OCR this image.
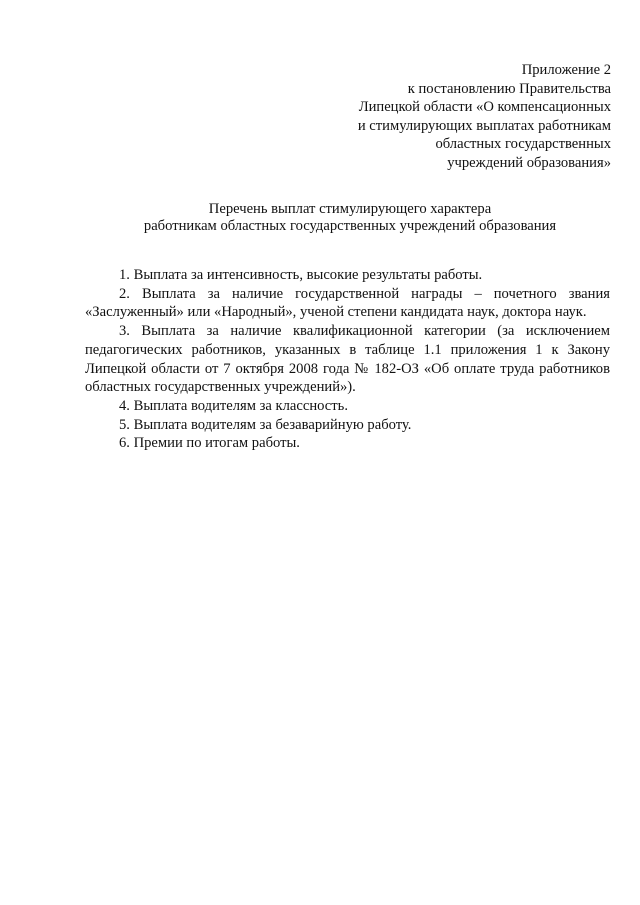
Приложение 2
к постановлению Правительства
Липецкой области «О компенсационных
и стимулирующих выплатах работникам
областных государственных
учреждений образования»
Перечень выплат стимулирующего характера
работникам областных государственных учреждений образования

1. Выплата за интенсивность, высокие результаты работы.

2. Выплата за наличие государственной награды – почетного звания «Заслуженный» или «Народный», ученой степени кандидата наук, доктора наук.

3. Выплата за наличие квалификационной категории (за исключением педагогических работников, указанных в таблице 1.1 приложения 1 к Закону Липецкой области от 7 октября 2008 года № 182-ОЗ «Об оплате труда работников областных государственных учреждений»).

4. Выплата водителям за классность.

5. Выплата водителям за безаварийную работу.

6. Премии по итогам работы.
